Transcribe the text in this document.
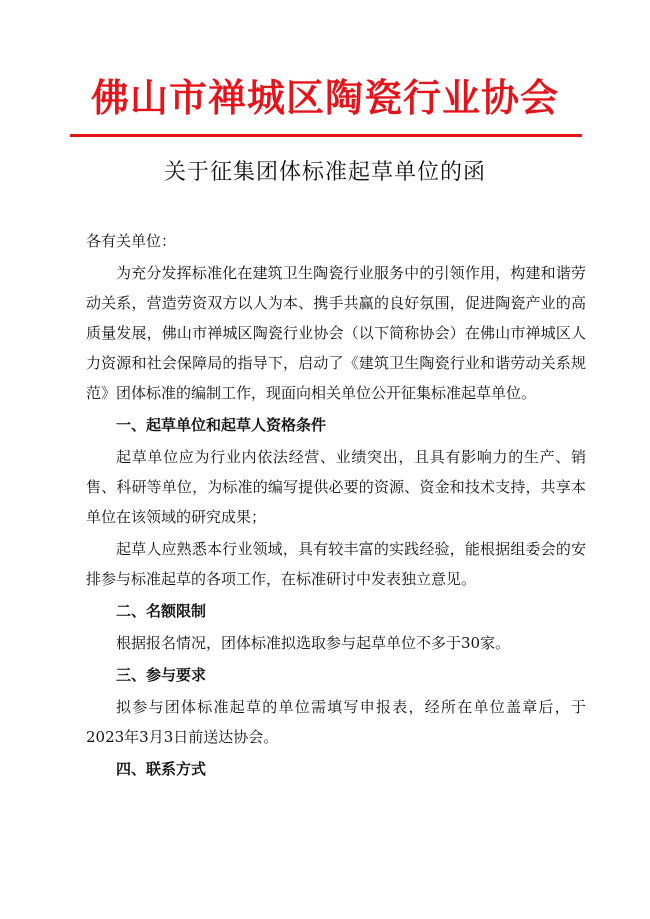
佛山市禅城区陶瓷行业协会
关于征集团体标准起草单位的函

各有关单位：

为充分发挥标准化在建筑卫生陶瓷行业服务中的引领作用，构建和谐劳动关系，营造劳资双方以人为本、携手共赢的良好氛围，促进陶瓷产业的高质量发展，佛山市禅城区陶瓷行业协会（以下简称协会）在佛山市禅城区人力资源和社会保障局的指导下，启动了《建筑卫生陶瓷行业和谐劳动关系规范》团体标准的编制工作，现面向相关单位公开征集标准起草单位。

一、起草单位和起草人资格条件

起草单位应为行业内依法经营、业绩突出，且具有影响力的生产、销售、科研等单位，为标准的编写提供必要的资源、资金和技术支持，共享本单位在该领域的研究成果；

起草人应熟悉本行业领域，具有较丰富的实践经验，能根据组委会的安排参与标准起草的各项工作，在标准研讨中发表独立意见。

二、名额限制

根据报名情况，团体标准拟选取参与起草单位不多于30家。

三、参与要求

拟参与团体标准起草的单位需填写申报表，经所在单位盖章后，于2023年3月3日前送达协会。

四、联系方式
